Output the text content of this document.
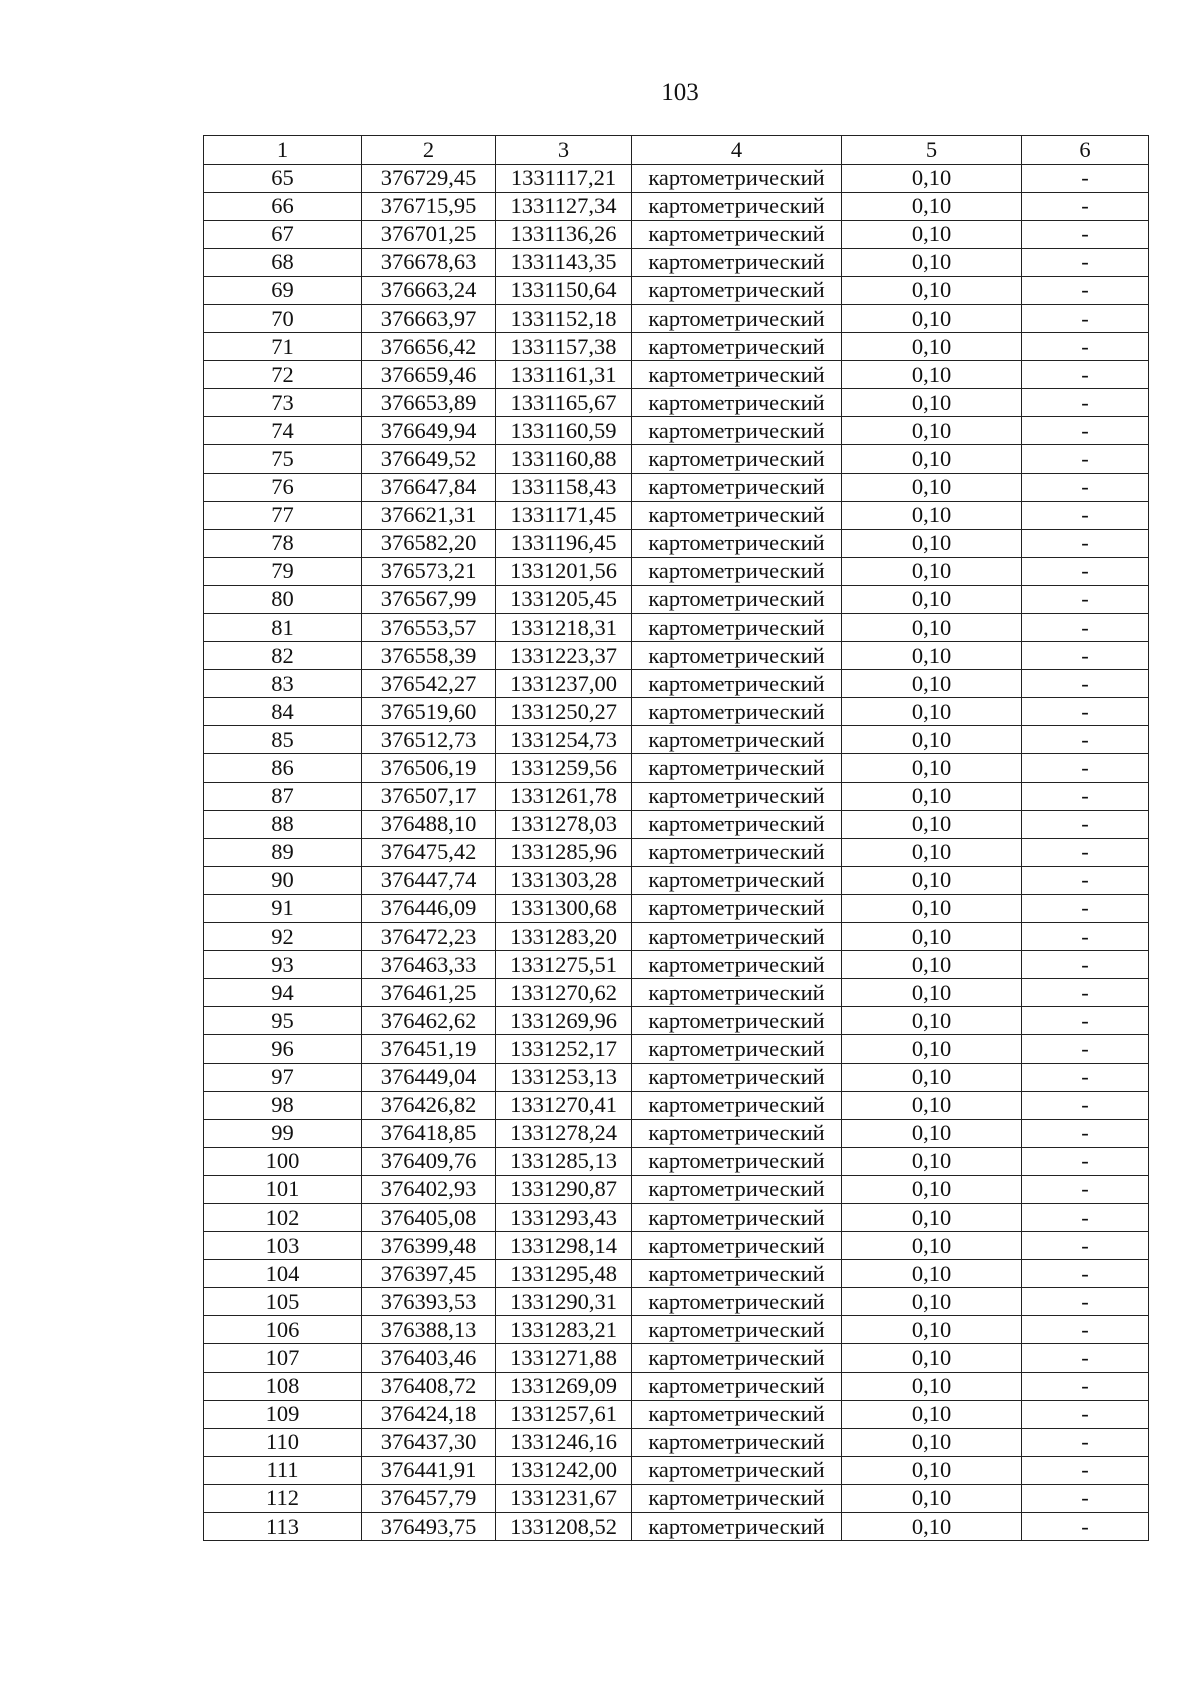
103
1	2	3	4	5	6
65	376729,45	1331117,21	картометрический	0,10	-
66	376715,95	1331127,34	картометрический	0,10	-
67	376701,25	1331136,26	картометрический	0,10	-
68	376678,63	1331143,35	картометрический	0,10	-
69	376663,24	1331150,64	картометрический	0,10	-
70	376663,97	1331152,18	картометрический	0,10	-
71	376656,42	1331157,38	картометрический	0,10	-
72	376659,46	1331161,31	картометрический	0,10	-
73	376653,89	1331165,67	картометрический	0,10	-
74	376649,94	1331160,59	картометрический	0,10	-
75	376649,52	1331160,88	картометрический	0,10	-
76	376647,84	1331158,43	картометрический	0,10	-
77	376621,31	1331171,45	картометрический	0,10	-
78	376582,20	1331196,45	картометрический	0,10	-
79	376573,21	1331201,56	картометрический	0,10	-
80	376567,99	1331205,45	картометрический	0,10	-
81	376553,57	1331218,31	картометрический	0,10	-
82	376558,39	1331223,37	картометрический	0,10	-
83	376542,27	1331237,00	картометрический	0,10	-
84	376519,60	1331250,27	картометрический	0,10	-
85	376512,73	1331254,73	картометрический	0,10	-
86	376506,19	1331259,56	картометрический	0,10	-
87	376507,17	1331261,78	картометрический	0,10	-
88	376488,10	1331278,03	картометрический	0,10	-
89	376475,42	1331285,96	картометрический	0,10	-
90	376447,74	1331303,28	картометрический	0,10	-
91	376446,09	1331300,68	картометрический	0,10	-
92	376472,23	1331283,20	картометрический	0,10	-
93	376463,33	1331275,51	картометрический	0,10	-
94	376461,25	1331270,62	картометрический	0,10	-
95	376462,62	1331269,96	картометрический	0,10	-
96	376451,19	1331252,17	картометрический	0,10	-
97	376449,04	1331253,13	картометрический	0,10	-
98	376426,82	1331270,41	картометрический	0,10	-
99	376418,85	1331278,24	картометрический	0,10	-
100	376409,76	1331285,13	картометрический	0,10	-
101	376402,93	1331290,87	картометрический	0,10	-
102	376405,08	1331293,43	картометрический	0,10	-
103	376399,48	1331298,14	картометрический	0,10	-
104	376397,45	1331295,48	картометрический	0,10	-
105	376393,53	1331290,31	картометрический	0,10	-
106	376388,13	1331283,21	картометрический	0,10	-
107	376403,46	1331271,88	картометрический	0,10	-
108	376408,72	1331269,09	картометрический	0,10	-
109	376424,18	1331257,61	картометрический	0,10	-
110	376437,30	1331246,16	картометрический	0,10	-
111	376441,91	1331242,00	картометрический	0,10	-
112	376457,79	1331231,67	картометрический	0,10	-
113	376493,75	1331208,52	картометрический	0,10	-
